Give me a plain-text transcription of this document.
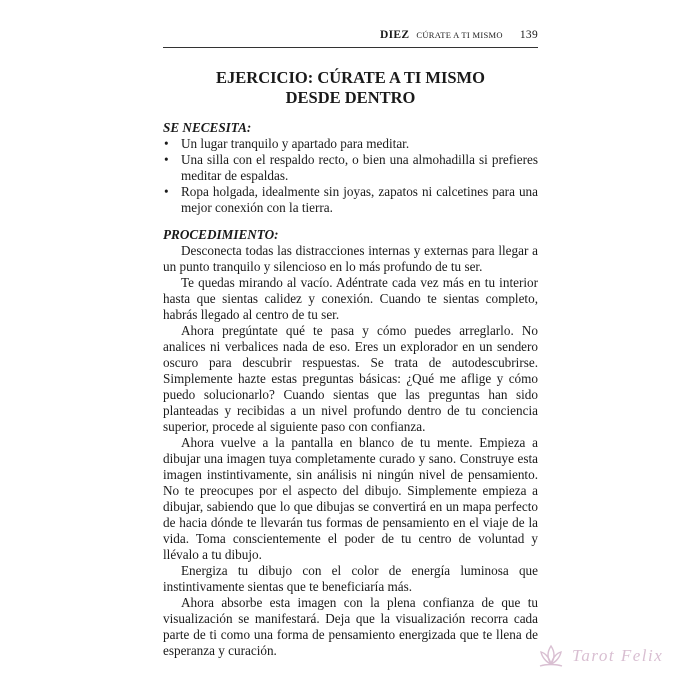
DIEZ CÚRATE A TI MISMO 139
EJERCICIO: CÚRATE A TI MISMO
DESDE DENTRO
SE NECESITA:
• Un lugar tranquilo y apartado para meditar.
• Una silla con el respaldo recto, o bien una almohadilla si prefieres meditar de espaldas.
• Ropa holgada, idealmente sin joyas, zapatos ni calcetines para una mejor conexión con la tierra.
PROCEDIMIENTO:

Desconecta todas las distracciones internas y externas para llegar a un punto tranquilo y silencioso en lo más profundo de tu ser.

Te quedas mirando al vacío. Adéntrate cada vez más en tu interior hasta que sientas calidez y conexión. Cuando te sientas completo, habrás llegado al centro de tu ser.

Ahora pregúntate qué te pasa y cómo puedes arreglarlo. No analices ni verbalices nada de eso. Eres un explorador en un sendero oscuro para descubrir respuestas. Se trata de autodescubrirse. Simplemente hazte estas preguntas básicas: ¿Qué me aflige y cómo puedo solucionarlo? Cuando sientas que las preguntas han sido planteadas y recibidas a un nivel profundo dentro de tu conciencia superior, procede al siguiente paso con confianza.

Ahora vuelve a la pantalla en blanco de tu mente. Empieza a dibujar una imagen tuya completamente curado y sano. Construye esta imagen instintivamente, sin análisis ni ningún nivel de pensamiento. No te preocupes por el aspecto del dibujo. Simplemente empieza a dibujar, sabiendo que lo que dibujas se convertirá en un mapa perfecto de hacia dónde te llevarán tus formas de pensamiento en el viaje de la vida. Toma conscientemente el poder de tu centro de voluntad y llévalo a tu dibujo.

Energiza tu dibujo con el color de energía luminosa que instintivamente sientas que te beneficiaría más.

Ahora absorbe esta imagen con la plena confianza de que tu visualización se manifestará. Deja que la visualización recorra cada parte de ti como una forma de pensamiento energizada que te llena de esperanza y curación.	Tarot Felix
